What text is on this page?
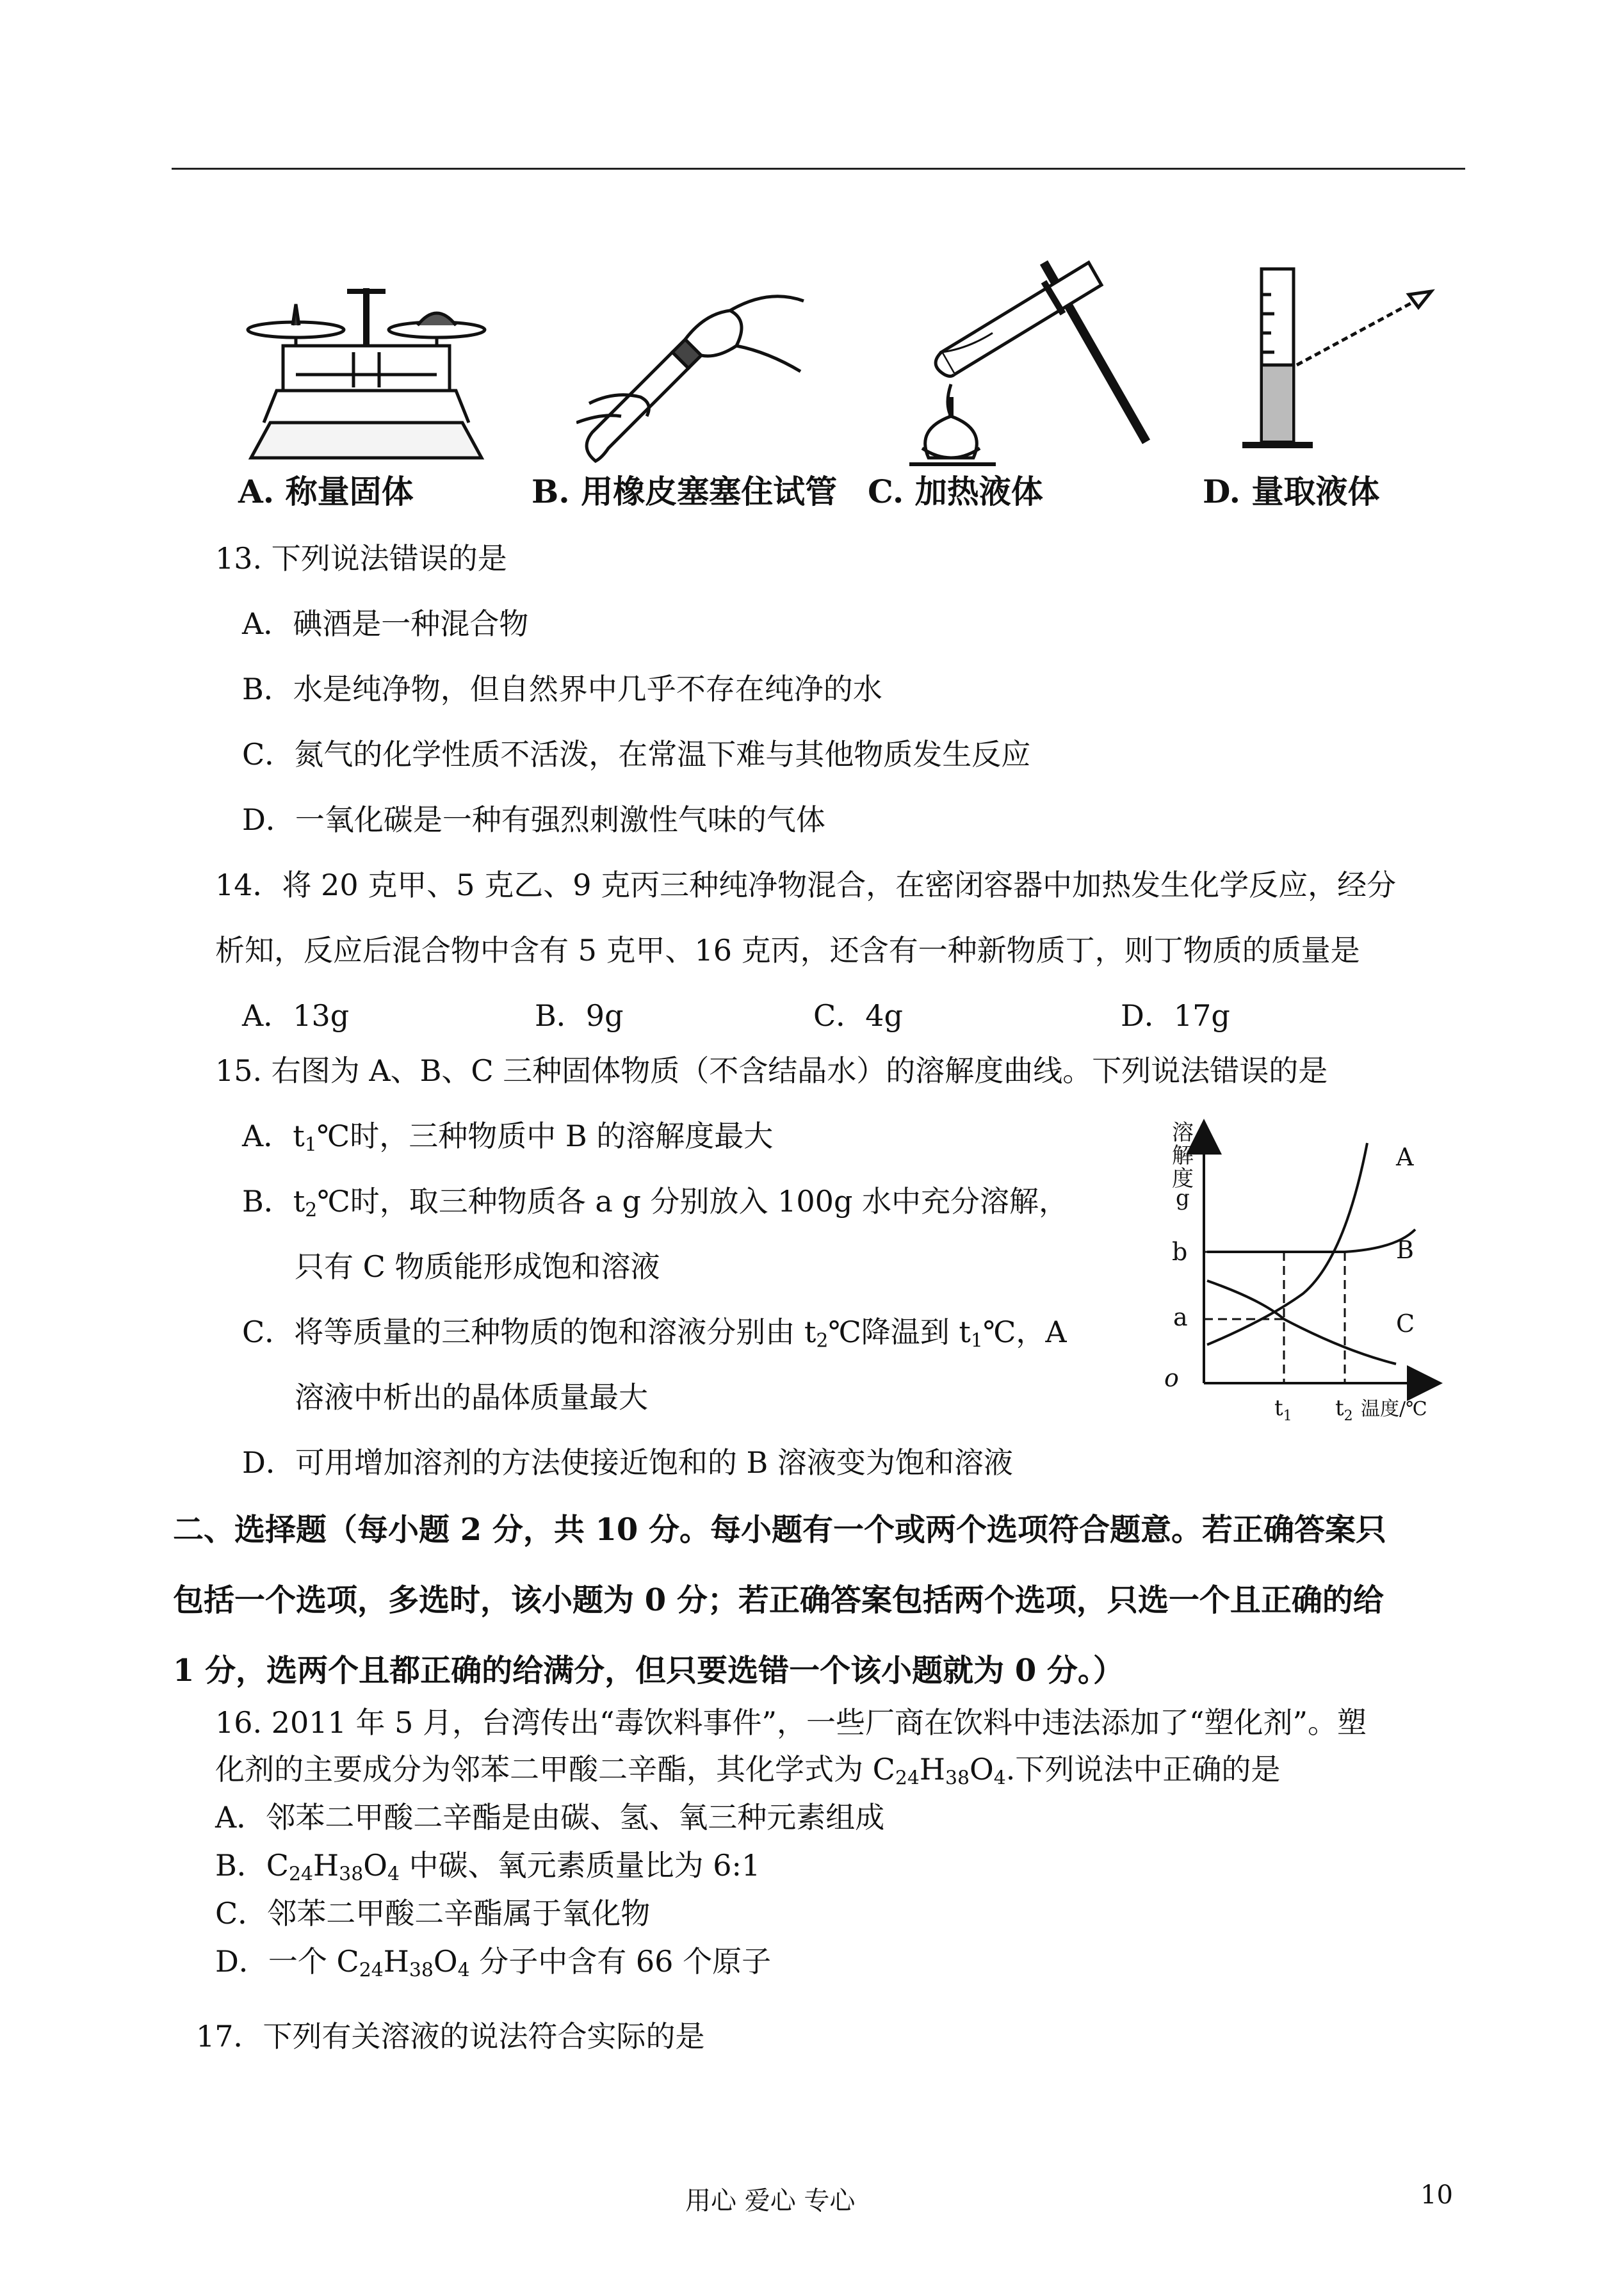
A. 称量固体	B. 用橡皮塞塞住试管 C. 加热液体	D. 量取液体
13. 下列说法错误的是
A．碘酒是一种混合物
B．水是纯净物，但自然界中几乎不存在纯净的水
C．氮气的化学性质不活泼，在常温下难与其他物质发生反应
D．一氧化碳是一种有强烈刺激性气味的气体
14．将 20 克甲、5 克乙、9 克丙三种纯净物混合，在密闭容器中加热发生化学反应，经分
析知，反应后混合物中含有 5 克甲、16 克丙，还含有一种新物质丁，则丁物质的质量是
A．13g	B．9g	C．4g	D．17g
15. 右图为 A、B、C 三种固体物质（不含结晶水）的溶解度曲线。下列说法错误的是
A．$t_1℃$时，三种物质中 B 的溶解度最大
B．$t_2℃$时，取三种物质各 a g 分别放入 100g 水中充分溶解，
只有 C 物质能形成饱和溶液
C．将等质量的三种物质的饱和溶液分别由 $t_2℃$降温到 $t_1℃$，A
溶液中析出的晶体质量最大
D．可用增加溶剂的方法使接近饱和的 B 溶液变为饱和溶液
溶
解
度
g
b
a
o
$t_1$ $t_2$ 温度/℃
A
B
C
二、选择题（每小题 2 分，共 10 分。每小题有一个或两个选项符合题意。若正确答案只
包括一个选项，多选时，该小题为 0 分；若正确答案包括两个选项，只选一个且正确的给
1 分，选两个且都正确的给满分，但只要选错一个该小题就为 0 分。）
16. 2011 年 5 月，台湾传出“毒饮料事件”，一些厂商在饮料中违法添加了“塑化剂”。塑
化剂的主要成分为邻苯二甲酸二辛酯，其化学式为 $C_{24}H_{38}O_4$.下列说法中正确的是
A．邻苯二甲酸二辛酯是由碳、氢、氧三种元素组成
B．$C_{24}H_{38}O_4$ 中碳、氧元素质量比为 6:1
C．邻苯二甲酸二辛酯属于氧化物
D．一个 $C_{24}H_{38}O_4$ 分子中含有 66 个原子
17．下列有关溶液的说法符合实际的是
用心 爱心 专心	10
